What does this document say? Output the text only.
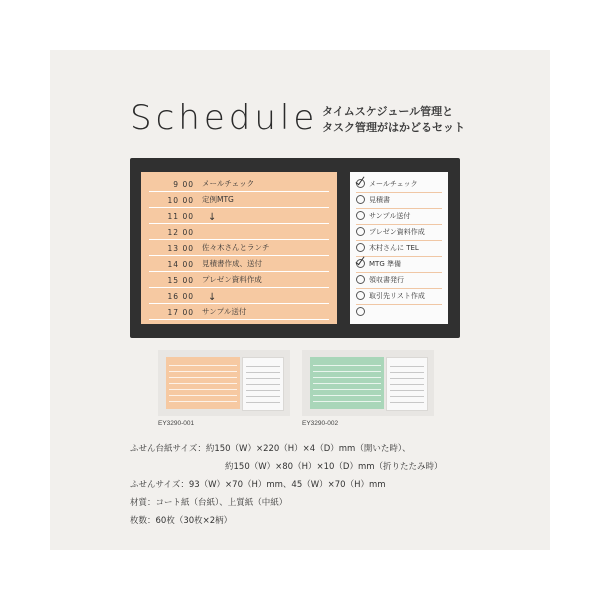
Schedule タイムスケジュール管理と
タスク管理がはかどるセット
9 00 メールチェック
10 00 定例MTG
11 00 ↓
12 00
13 00 佐々木さんとランチ
14 00 見積書作成、送付
15 00 プレゼン資料作成
16 00 ↓
17 00 サンプル送付
メールチェック
見積書
サンプル送付
プレゼン資料作成
木村さんに TEL
MTG 準備
領収書発行
取引先リスト作成
EY3290-001	EY3290-002
ふせん台紙サイズ：約150（W）×220（H）×4（D）mm（開いた時）、
約150（W）×80（H）×10（D）mm（折りたたみ時）
ふせんサイズ：93（W）×70（H）mm、45（W）×70（H）mm
材質：コート紙（台紙）、上質紙（中紙）
枚数：60枚（30枚×2柄）
